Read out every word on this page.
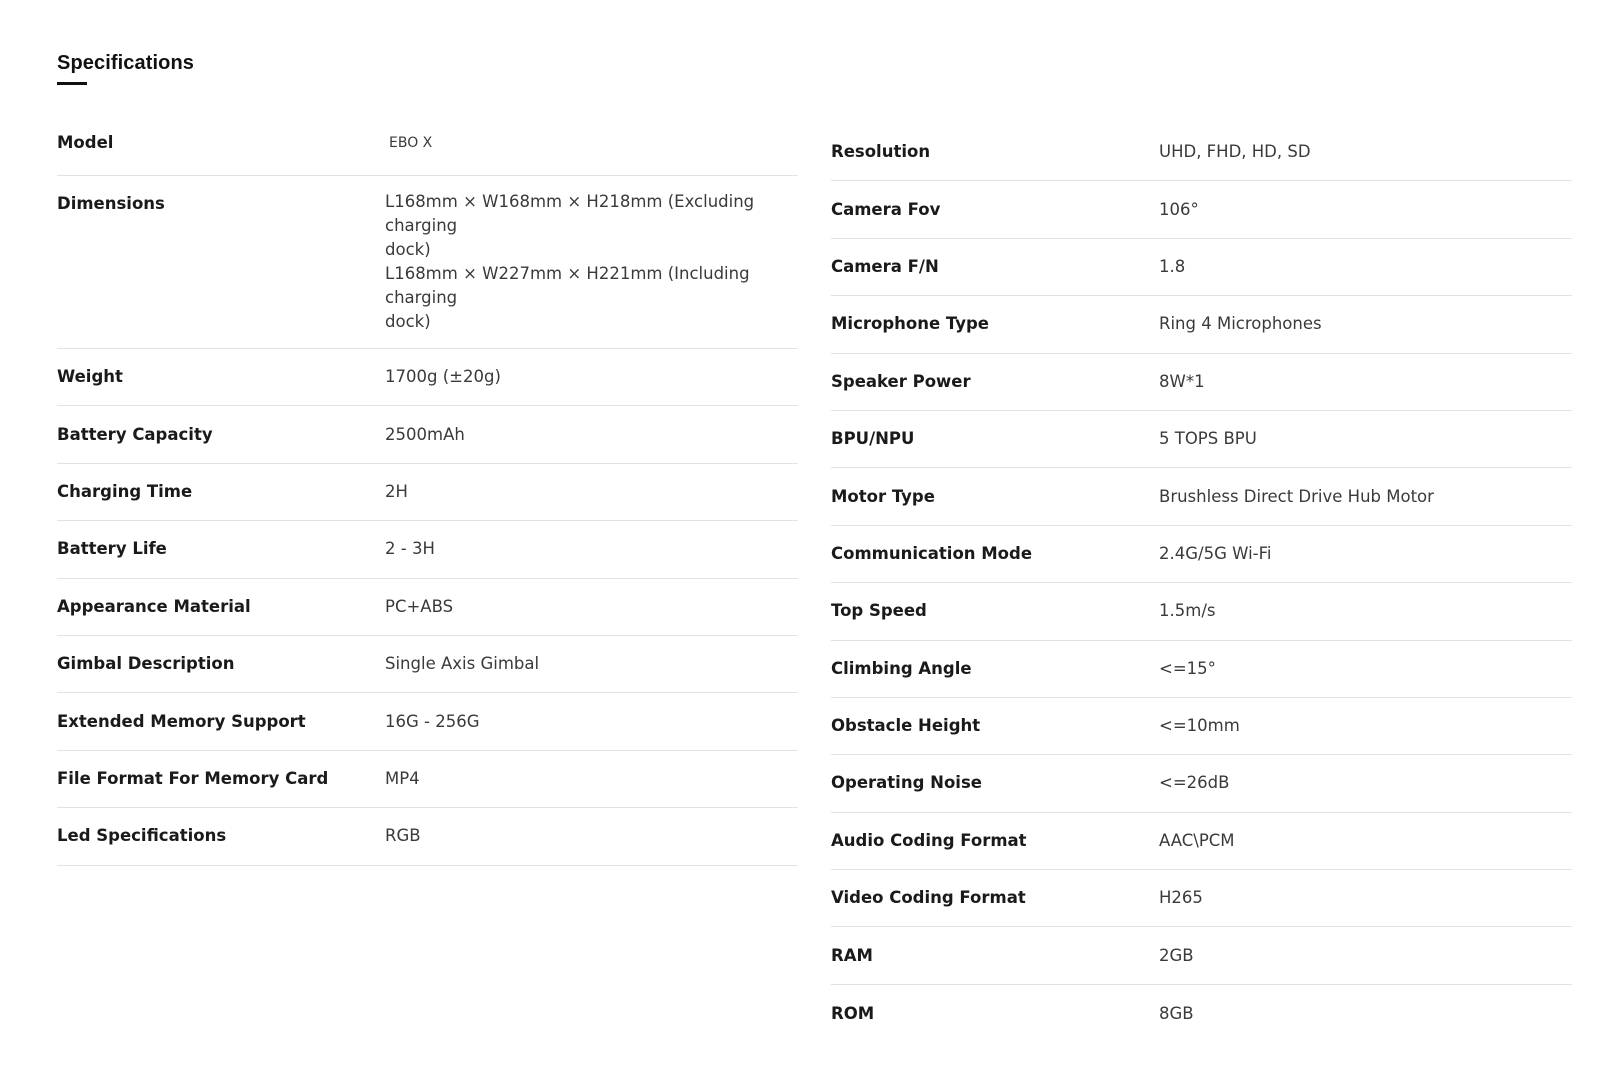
Specifications
Model	EBO X
Dimensions	L168mm × W168mm × H218mm (Excluding charging
dock)
L168mm × W227mm × H221mm (Including charging
dock)
Weight	1700g (±20g)
Battery Capacity	2500mAh
Charging Time	2H
Battery Life	2 - 3H
Appearance Material	PC+ABS
Gimbal Description	Single Axis Gimbal
Extended Memory Support	16G - 256G
File Format For Memory Card	MP4
Led Specifications	RGB
Resolution	UHD, FHD, HD, SD
Camera Fov	106°
Camera F/N	1.8
Microphone Type	Ring 4 Microphones
Speaker Power	8W*1
BPU/NPU	5 TOPS BPU
Motor Type	Brushless Direct Drive Hub Motor
Communication Mode	2.4G/5G Wi-Fi
Top Speed	1.5m/s
Climbing Angle	<=15°
Obstacle Height	<=10mm
Operating Noise	<=26dB
Audio Coding Format	AAC\PCM
Video Coding Format	H265
RAM	2GB
ROM	8GB
